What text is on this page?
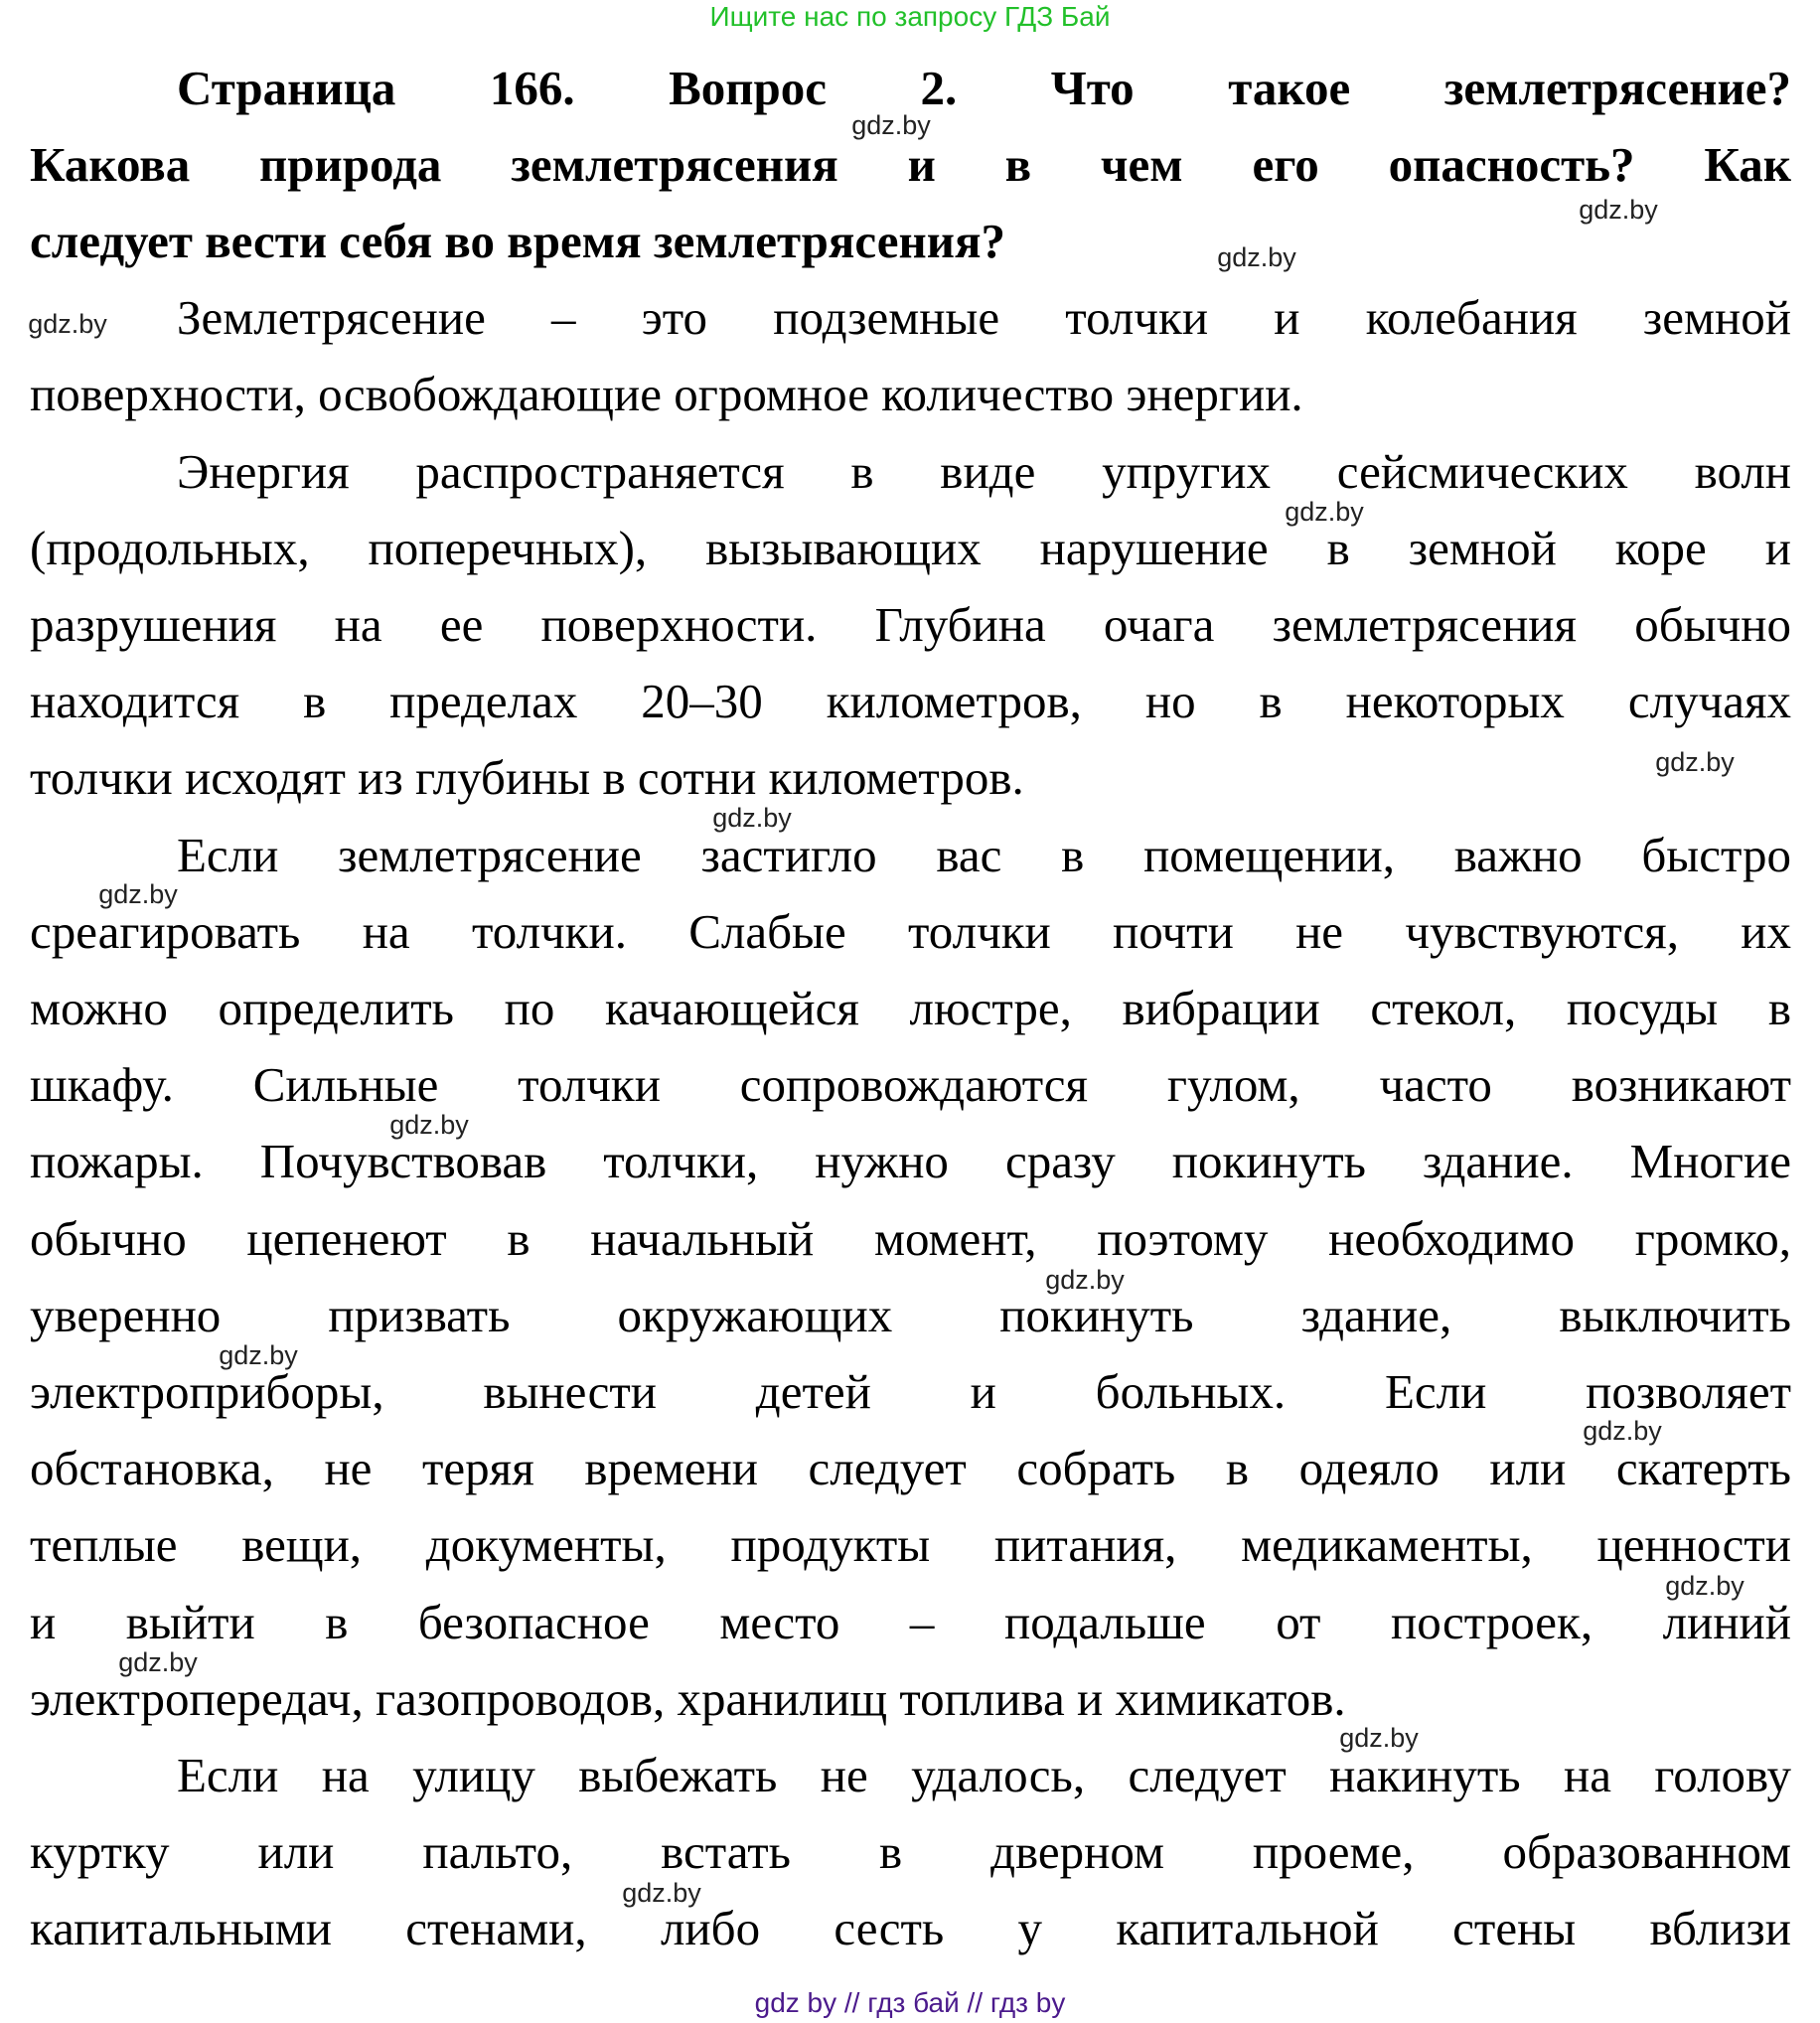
Ищите нас по запросу ГДЗ Бай
Страница 166. Вопрос 2. Что такое землетрясение?
Какова природа землетрясения и в чем его опасность? Как
следует вести себя во время землетрясения?
Землетрясение – это подземные толчки и колебания земной
поверхности, освобождающие огромное количество энергии.
Энергия распространяется в виде упругих сейсмических волн
(продольных, поперечных), вызывающих нарушение в земной коре и
разрушения на ее поверхности. Глубина очага землетрясения обычно
находится в пределах 20–30 километров, но в некоторых случаях
толчки исходят из глубины в сотни километров.
Если землетрясение застигло вас в помещении, важно быстро
среагировать на толчки. Слабые толчки почти не чувствуются, их
можно определить по качающейся люстре, вибрации стекол, посуды в
шкафу. Сильные толчки сопровождаются гулом, часто возникают
пожары. Почувствовав толчки, нужно сразу покинуть здание. Многие
обычно цепенеют в начальный момент, поэтому необходимо громко,
уверенно призвать окружающих покинуть здание, выключить
электроприборы, вынести детей и больных. Если позволяет
обстановка, не теряя времени следует собрать в одеяло или скатерть
теплые вещи, документы, продукты питания, медикаменты, ценности
и выйти в безопасное место – подальше от построек, линий
электропередач, газопроводов, хранилищ топлива и химикатов.
Если на улицу выбежать не удалось, следует накинуть на голову
куртку или пальто, встать в дверном проеме, образованном
капитальными стенами, либо сесть у капитальной стены вблизи
gdz.by
gdz.by
gdz.by
gdz.by
gdz.by
gdz.by
gdz.by
gdz.by
gdz.by
gdz.by
gdz.by
gdz.by
gdz.by
gdz.by
gdz.by
gdz.by
gdz by // гдз бай // гдз by
